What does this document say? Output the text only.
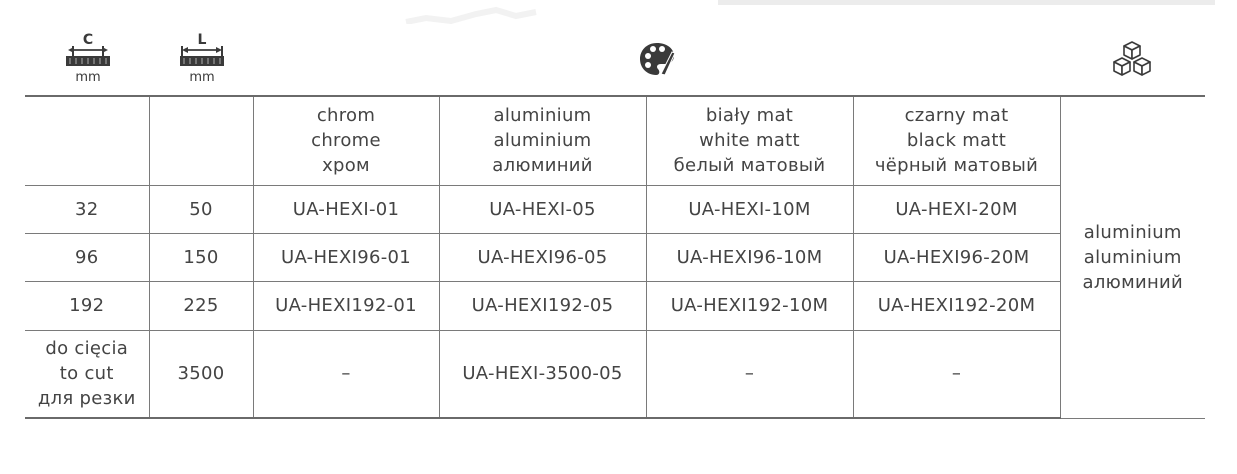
C
mm
L
mm

		chrom
chrome
хром	aluminium
aluminium
алюминий	biały mat
white matt
белый матовый	czarny mat
black matt
чёрный матовый	aluminium
aluminium
алюминий

32	50	UA-HEXI-01	UA-HEXI-05	UA-HEXI-10M	UA-HEXI-20M	
96	150	UA-HEXI96-01	UA-HEXI96-05	UA-HEXI96-10M	UA-HEXI96-20M	
192	225	UA-HEXI192-01	UA-HEXI192-05	UA-HEXI192-10M	UA-HEXI192-20M	

do cięcia
to cut
для резки	3500	–	UA-HEXI-3500-05	–	–	
